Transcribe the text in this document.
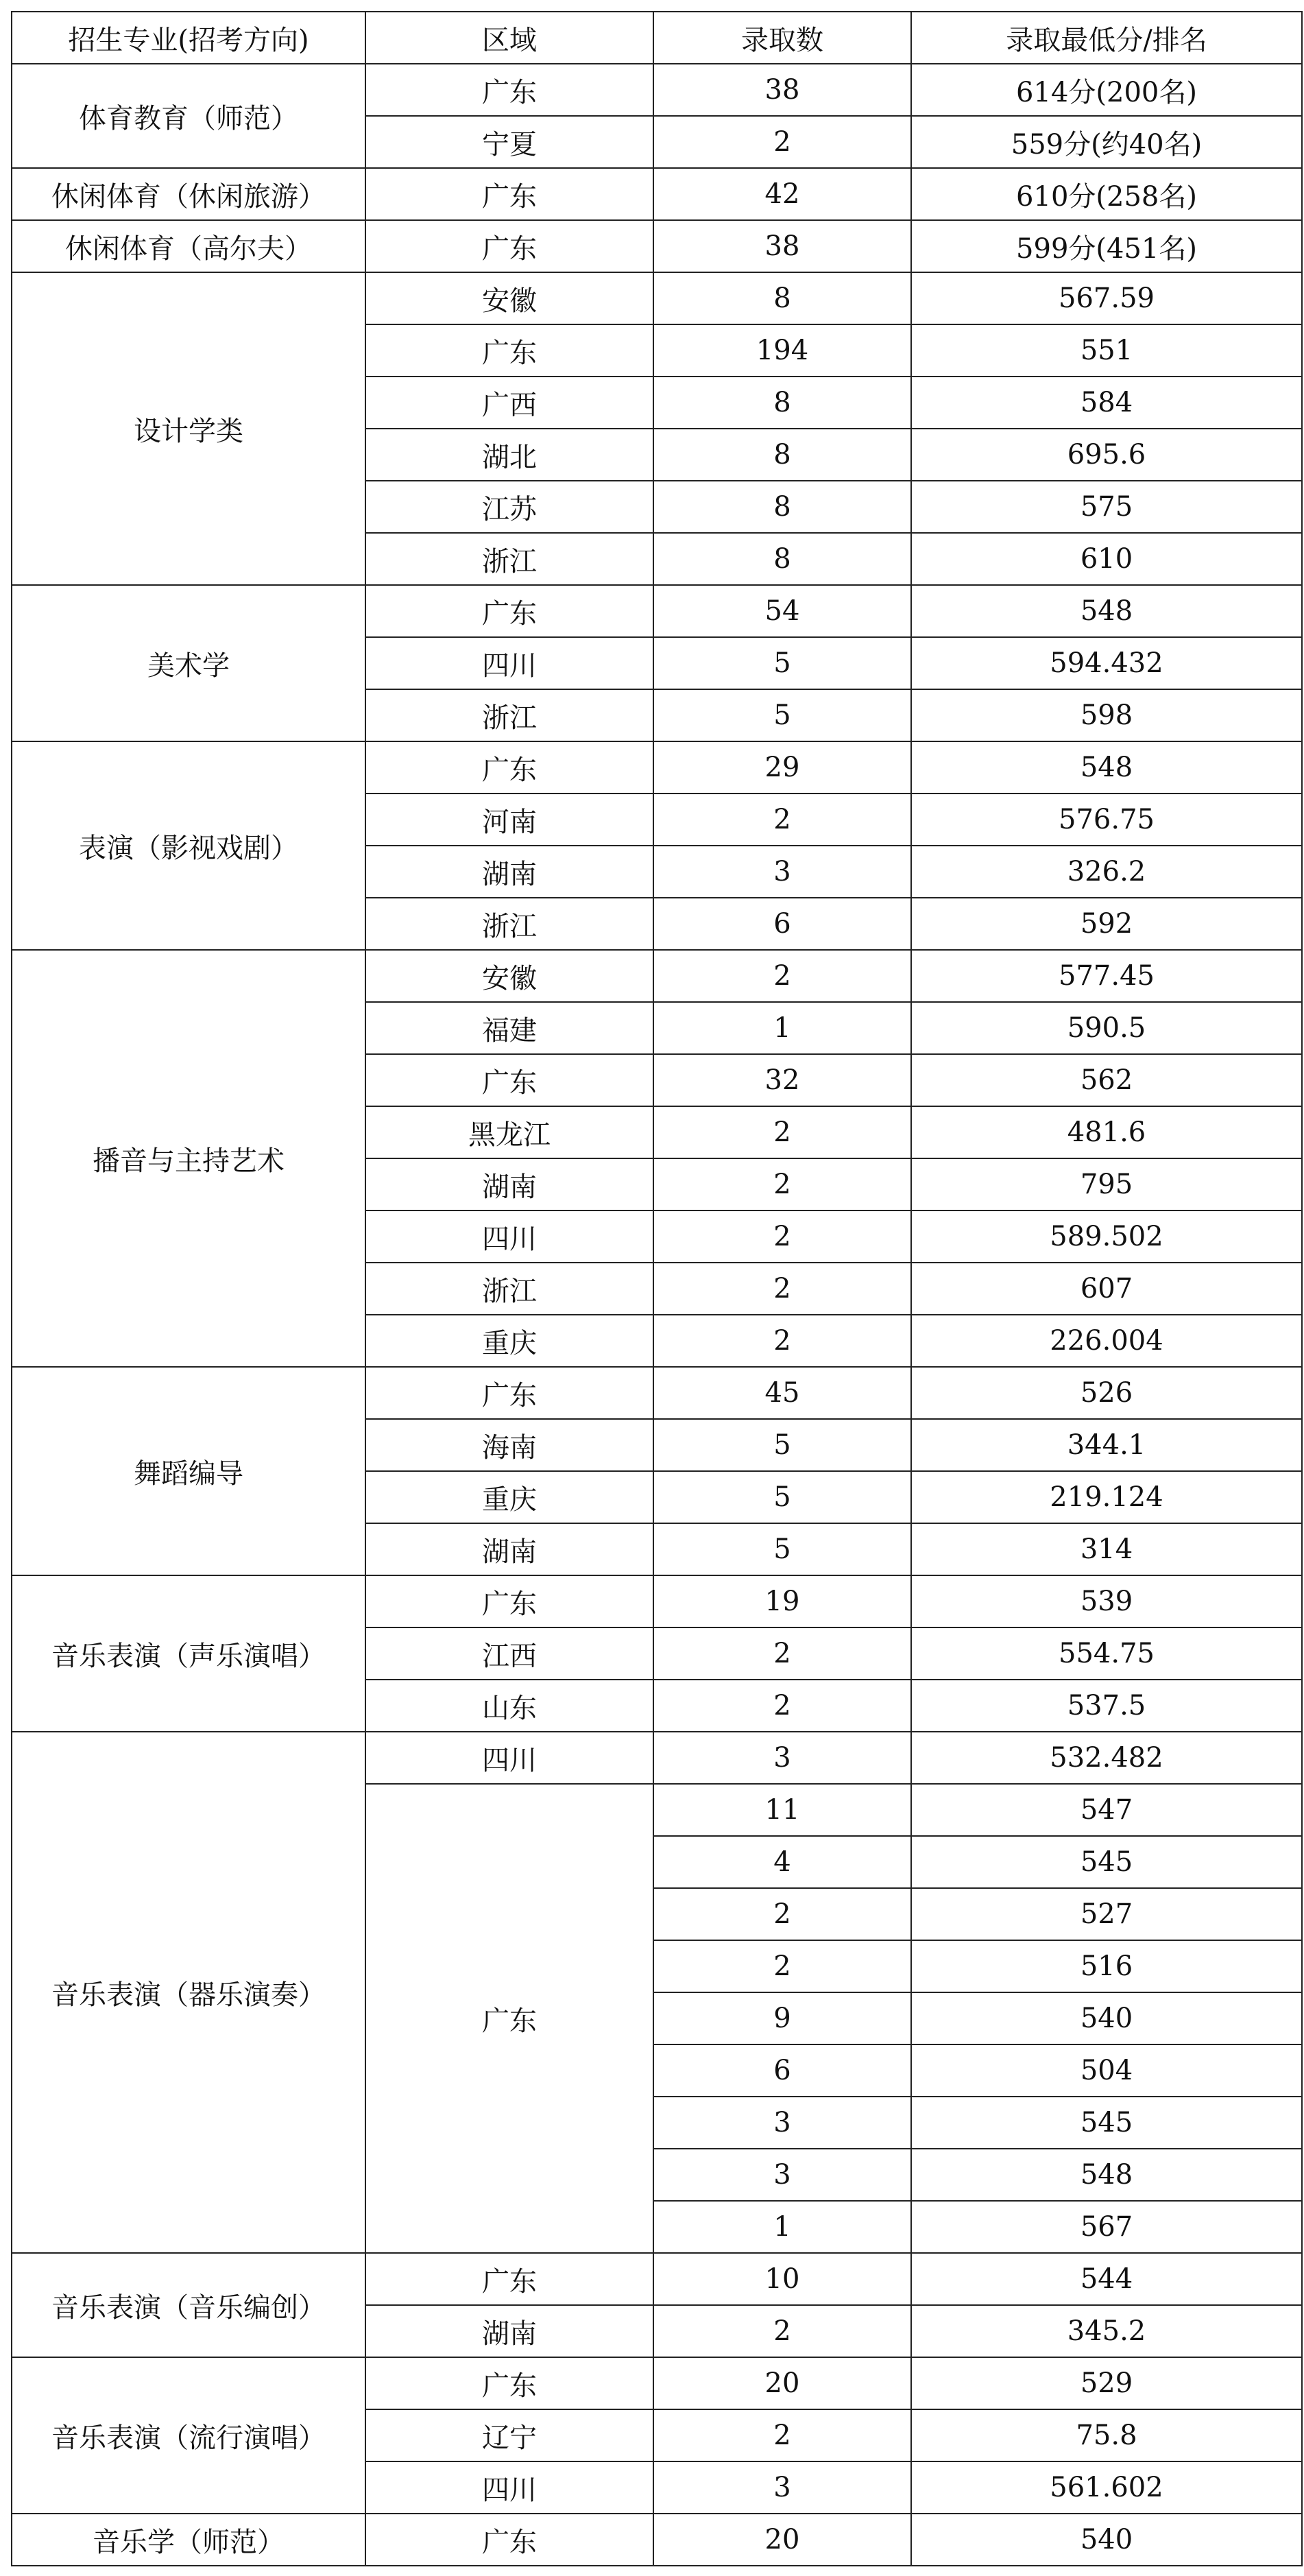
招生专业(招考方向)	区域	录取数	录取最低分/排名
体育教育（师范）	广东	38	614分(200名)
	宁夏	2	559分(约40名)
休闲体育（休闲旅游）	广东	42	610分(258名)
休闲体育（高尔夫）	广东	38	599分(451名)
设计学类	安徽	8	567.59
	广东	194	551
	广西	8	584
	湖北	8	695.6
	江苏	8	575
	浙江	8	610
美术学	广东	54	548
	四川	5	594.432
	浙江	5	598
表演（影视戏剧）	广东	29	548
	河南	2	576.75
	湖南	3	326.2
	浙江	6	592
播音与主持艺术	安徽	2	577.45
	福建	1	590.5
	广东	32	562
	黑龙江	2	481.6
	湖南	2	795
	四川	2	589.502
	浙江	2	607
	重庆	2	226.004
舞蹈编导	广东	45	526
	海南	5	344.1
	重庆	5	219.124
	湖南	5	314
音乐表演（声乐演唱）	广东	19	539
	江西	2	554.75
	山东	2	537.5
音乐表演（器乐演奏）	四川	3	532.482
	广东	11	547
		4	545
		2	527
		2	516
		9	540
		6	504
		3	545
		3	548
		1	567
音乐表演（音乐编创）	广东	10	544
	湖南	2	345.2
音乐表演（流行演唱）	广东	20	529
	辽宁	2	75.8
	四川	3	561.602
音乐学（师范）	广东	20	540
